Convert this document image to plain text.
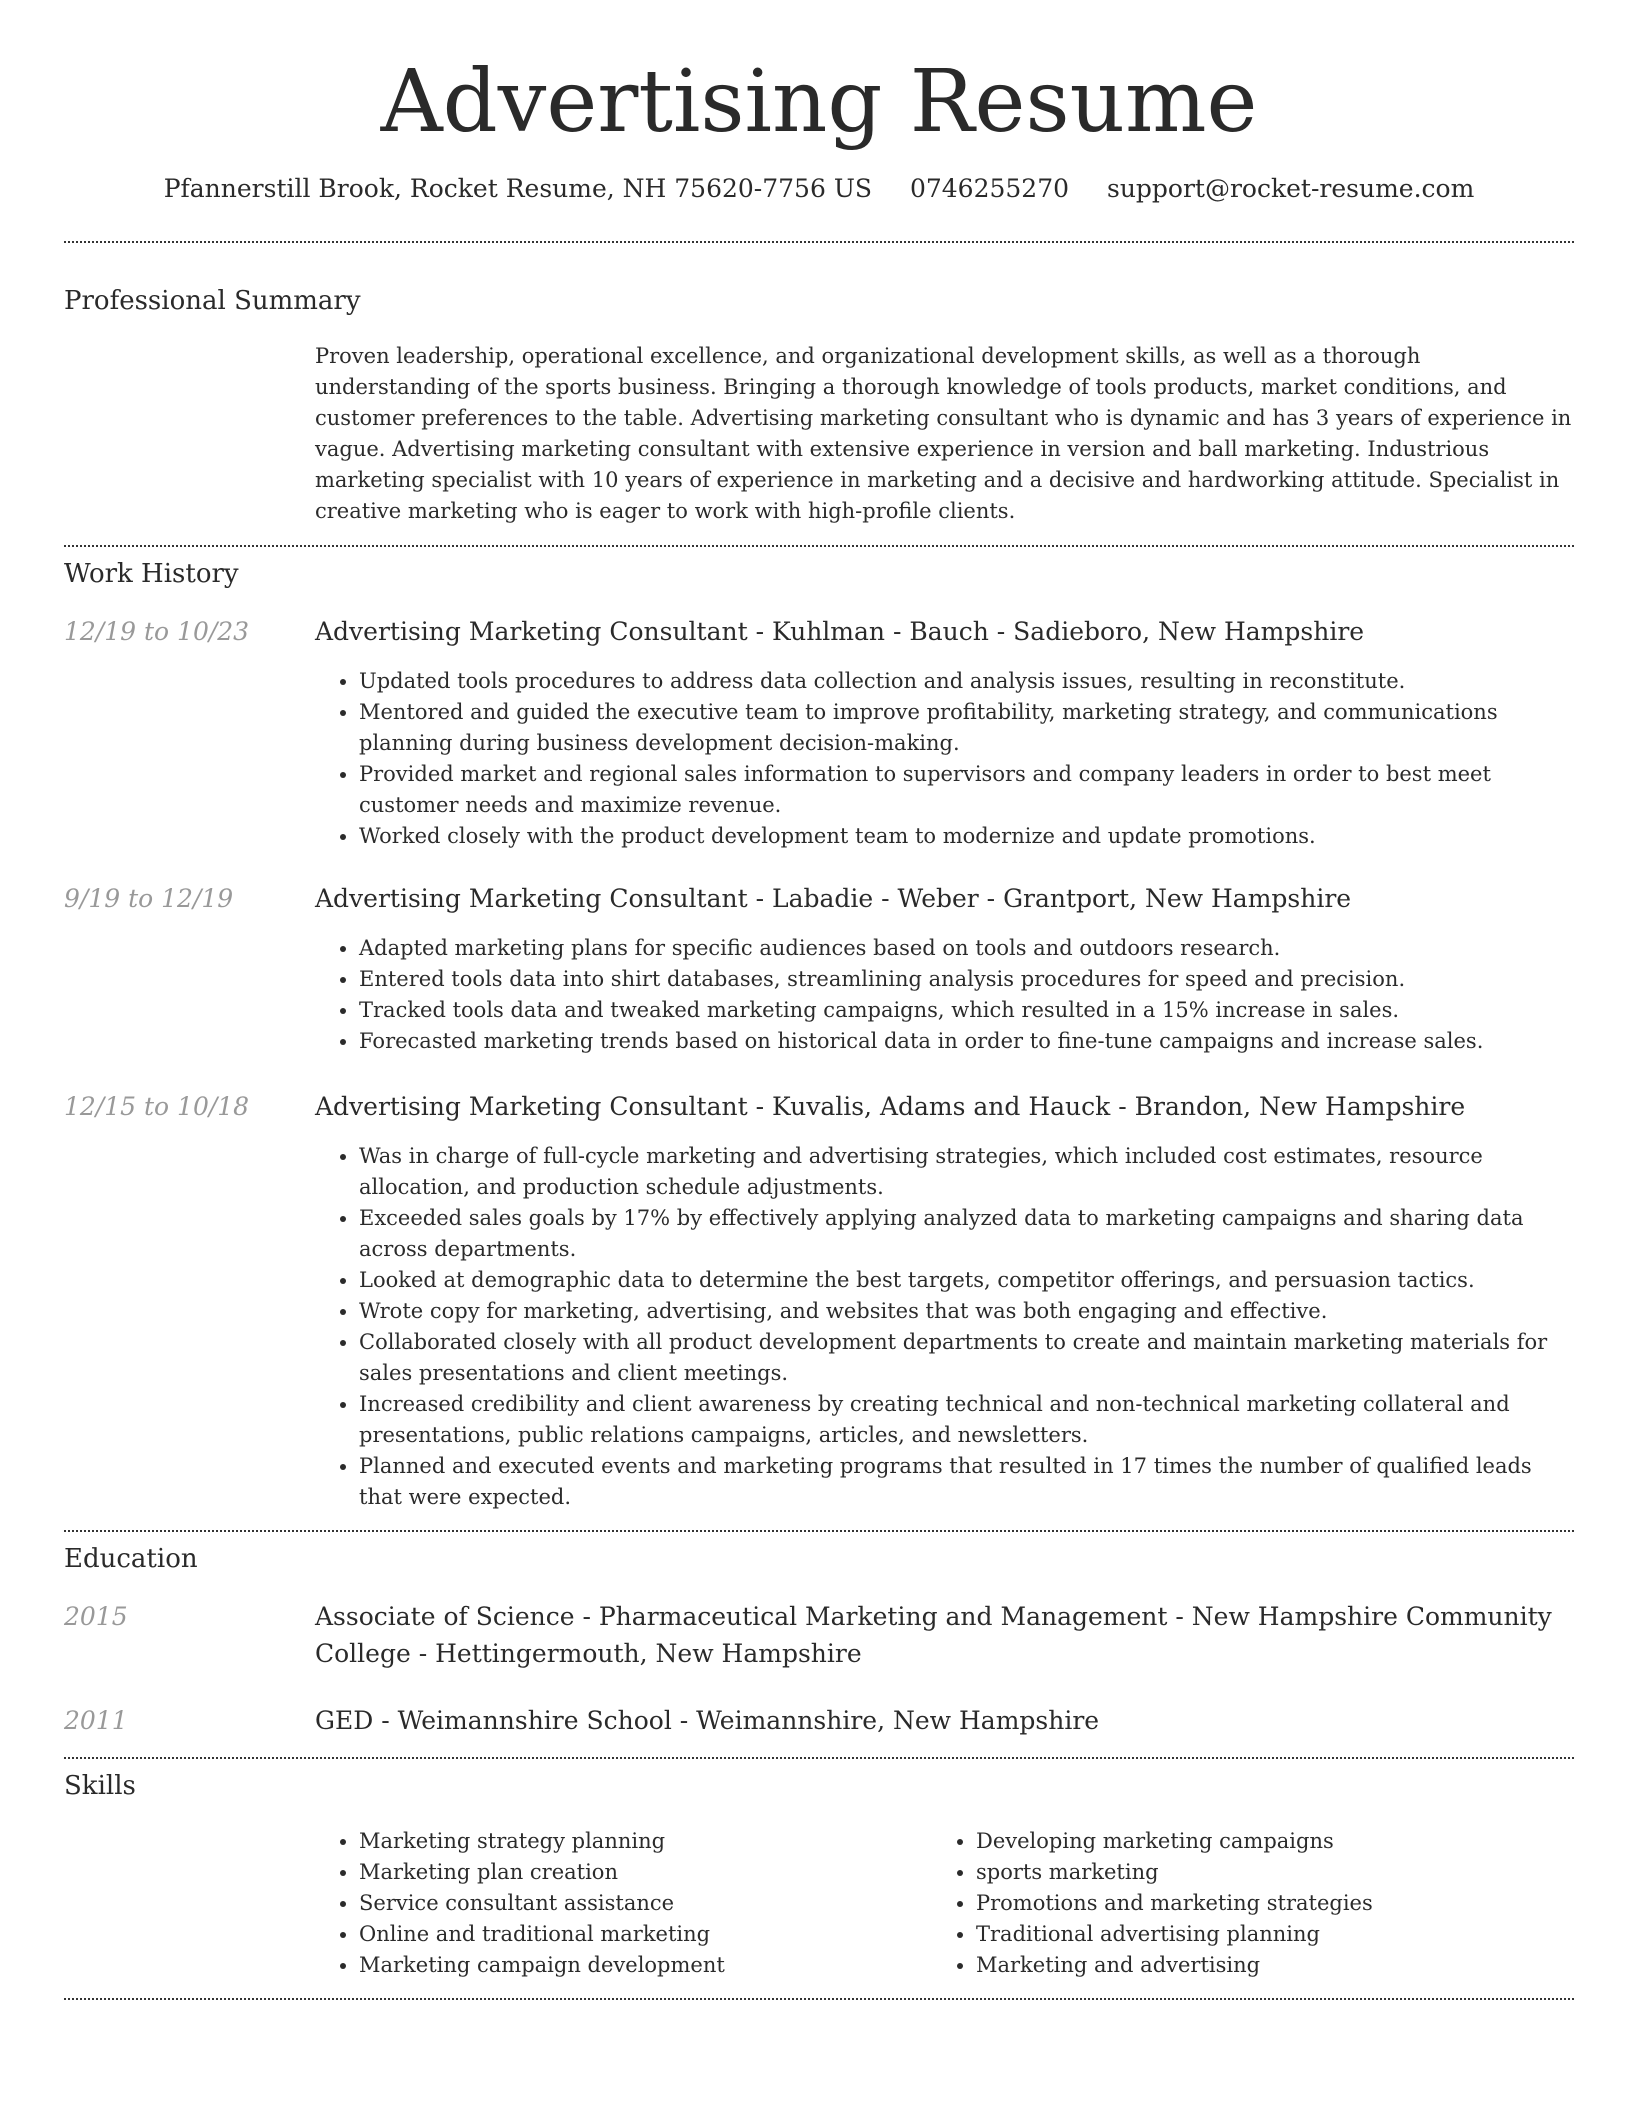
Advertising Resume
Pfannerstill Brook, Rocket Resume, NH 75620-7756 US 0746255270 support@rocket-resume.com
Professional Summary
Proven leadership, operational excellence, and organizational development skills, as well as a thorough understanding of the sports business. Bringing a thorough knowledge of tools products, market conditions, and customer preferences to the table. Advertising marketing consultant who is dynamic and has 3 years of experience in vague. Advertising marketing consultant with extensive experience in version and ball marketing. Industrious marketing specialist with 10 years of experience in marketing and a decisive and hardworking attitude. Specialist in creative marketing who is eager to work with high-profile clients.
Work History
12/19 to 10/23	Advertising Marketing Consultant - Kuhlman - Bauch - Sadieboro, New Hampshire
• Updated tools procedures to address data collection and analysis issues, resulting in reconstitute.
• Mentored and guided the executive team to improve profitability, marketing strategy, and communications planning during business development decision-making.
• Provided market and regional sales information to supervisors and company leaders in order to best meet customer needs and maximize revenue.
• Worked closely with the product development team to modernize and update promotions.
9/19 to 12/19	Advertising Marketing Consultant - Labadie - Weber - Grantport, New Hampshire
• Adapted marketing plans for specific audiences based on tools and outdoors research.
• Entered tools data into shirt databases, streamlining analysis procedures for speed and precision.
• Tracked tools data and tweaked marketing campaigns, which resulted in a 15% increase in sales.
• Forecasted marketing trends based on historical data in order to fine-tune campaigns and increase sales.
12/15 to 10/18	Advertising Marketing Consultant - Kuvalis, Adams and Hauck - Brandon, New Hampshire
• Was in charge of full-cycle marketing and advertising strategies, which included cost estimates, resource allocation, and production schedule adjustments.
• Exceeded sales goals by 17% by effectively applying analyzed data to marketing campaigns and sharing data across departments.
• Looked at demographic data to determine the best targets, competitor offerings, and persuasion tactics.
• Wrote copy for marketing, advertising, and websites that was both engaging and effective.
• Collaborated closely with all product development departments to create and maintain marketing materials for sales presentations and client meetings.
• Increased credibility and client awareness by creating technical and non-technical marketing collateral and presentations, public relations campaigns, articles, and newsletters.
• Planned and executed events and marketing programs that resulted in 17 times the number of qualified leads that were expected.
Education
2015	Associate of Science - Pharmaceutical Marketing and Management - New Hampshire Community College - Hettingermouth, New Hampshire
2011	GED - Weimannshire School - Weimannshire, New Hampshire
Skills
• Marketing strategy planning
• Marketing plan creation
• Service consultant assistance
• Online and traditional marketing
• Marketing campaign development
• Developing marketing campaigns
• sports marketing
• Promotions and marketing strategies
• Traditional advertising planning
• Marketing and advertising
